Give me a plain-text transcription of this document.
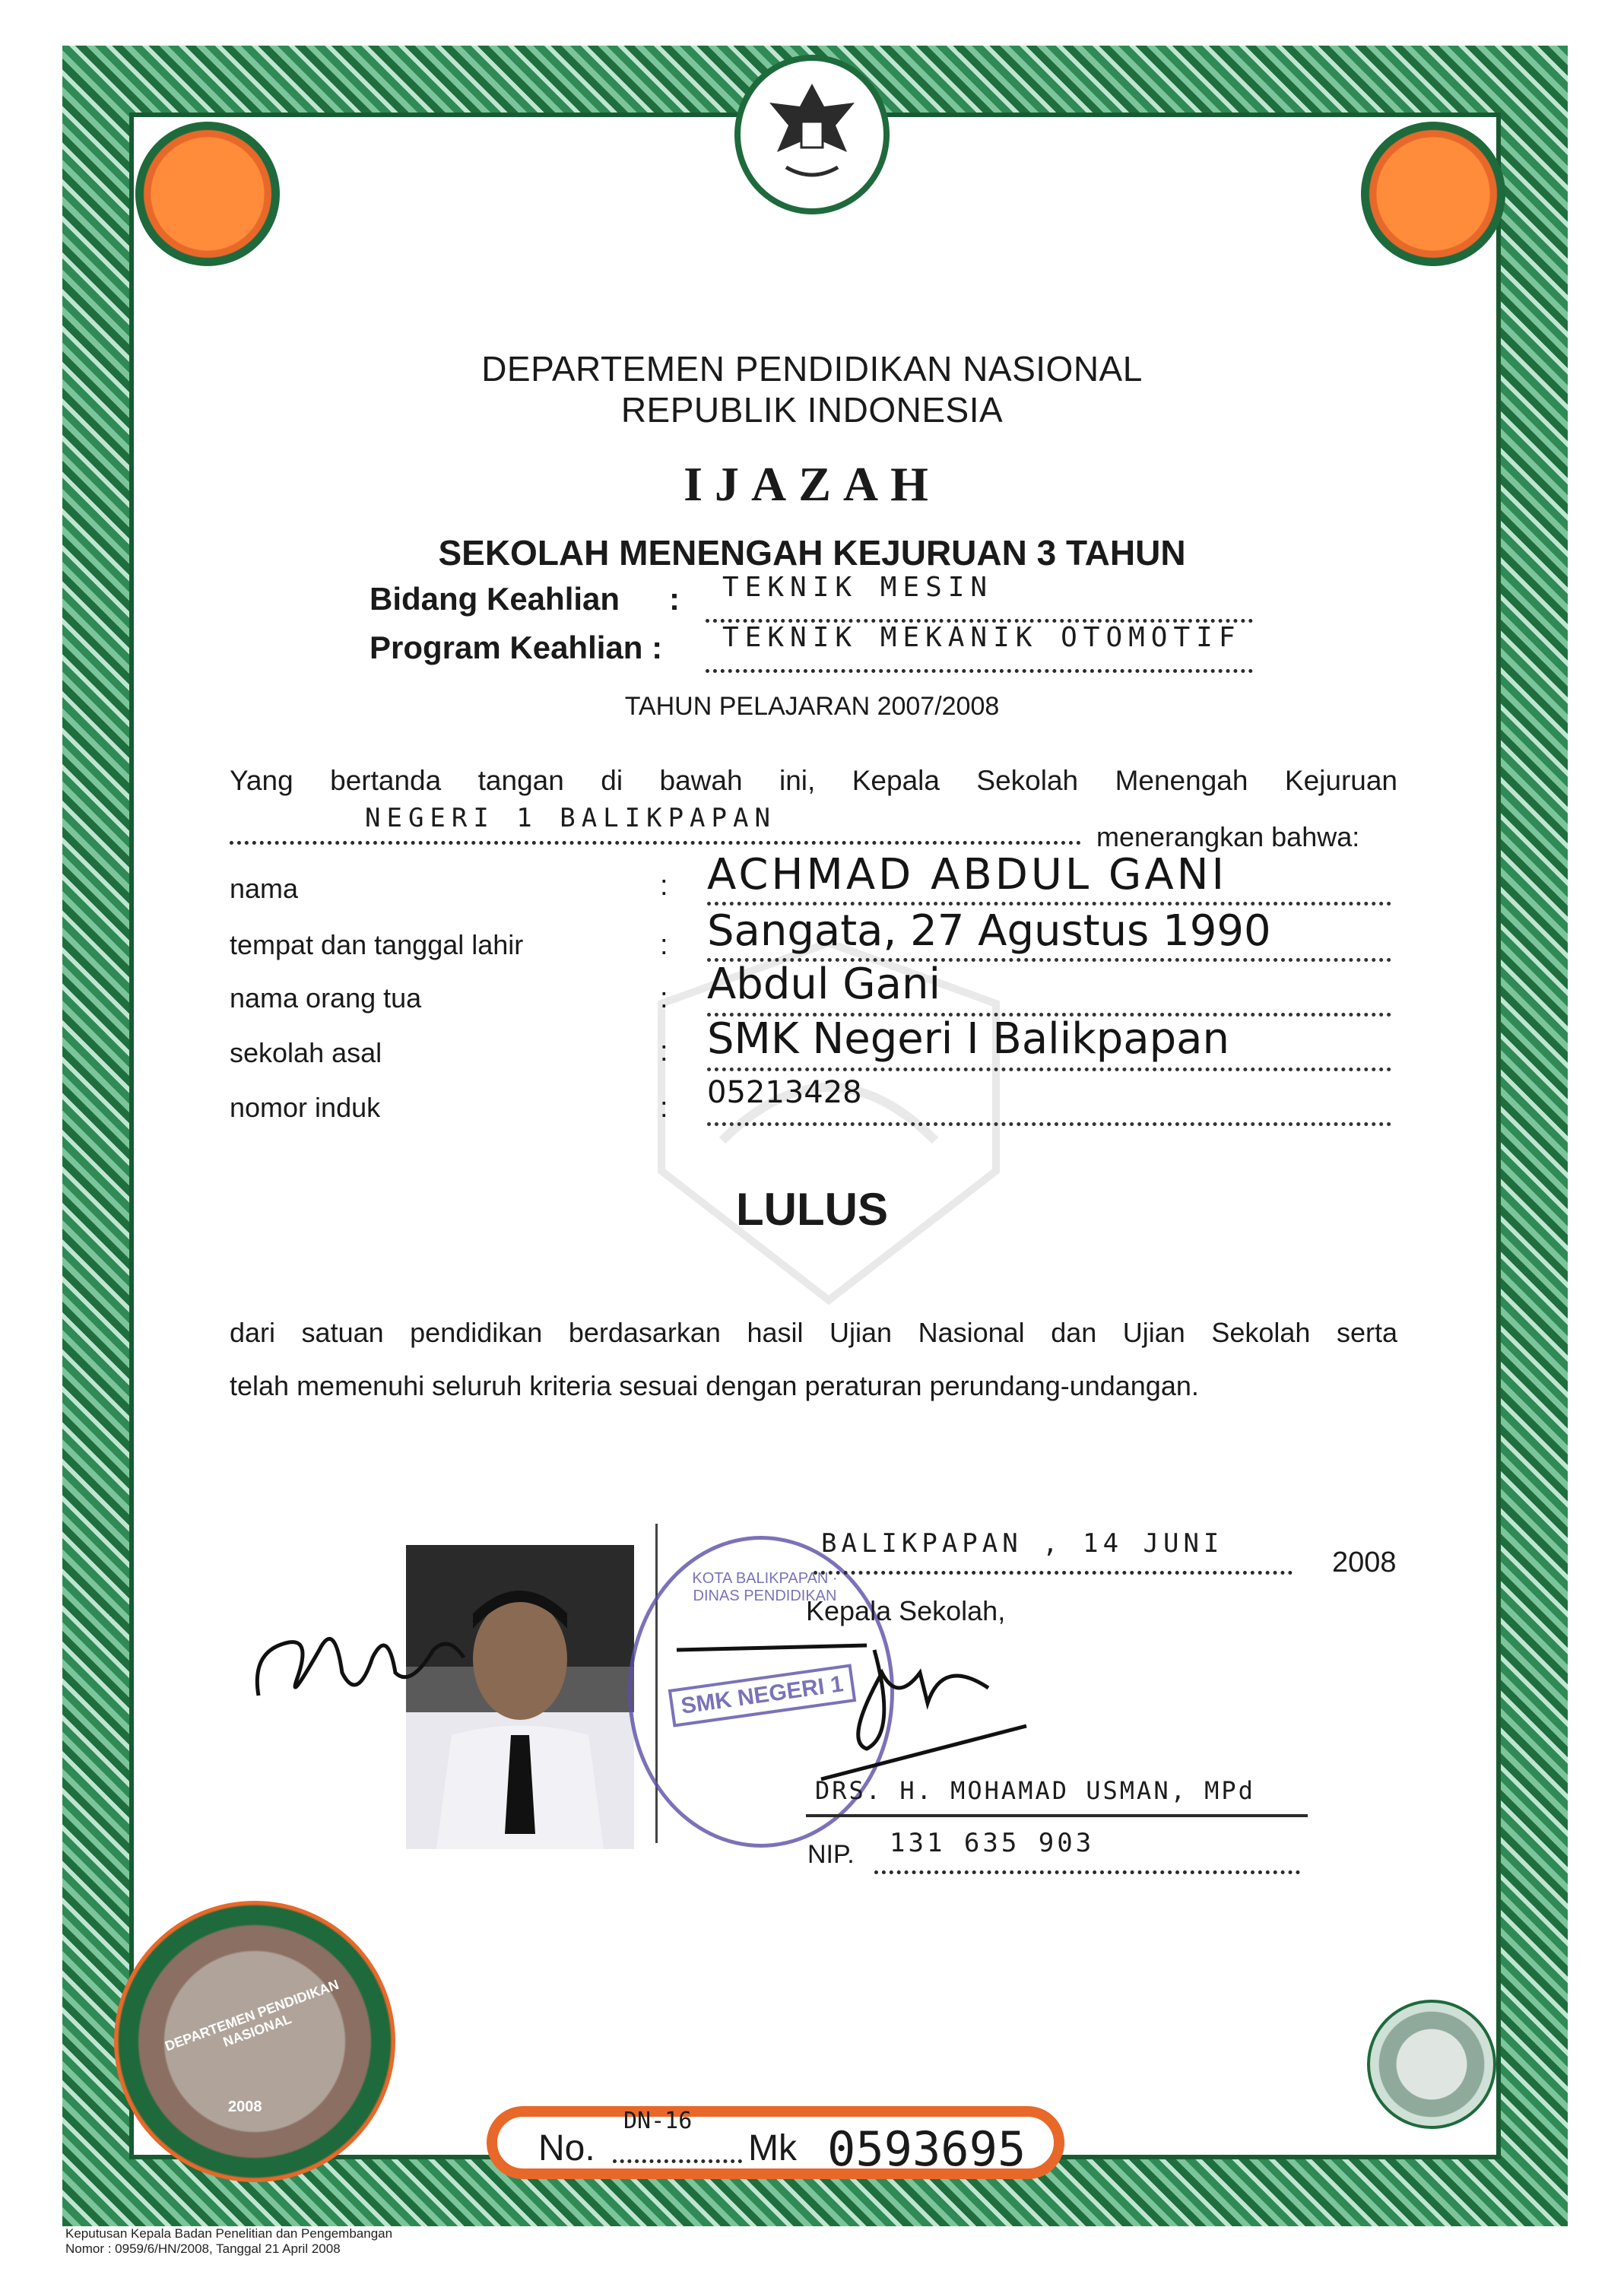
DEPARTEMEN PENDIDIKAN NASIONAL
REPUBLIK INDONESIA
IJAZAH
SEKOLAH MENENGAH KEJURUAN 3 TAHUN
Bidang Keahlian : TEKNIK MESIN
Program Keahlian : TEKNIK MEKANIK OTOMOTIF
TAHUN PELAJARAN 2007/2008
Yang bertanda tangan di bawah ini, Kepala Sekolah Menengah Kejuruan
NEGERI 1 BALIKPAPAN
menerangkan bahwa:
nama	: ACHMAD ABDUL GANI
tempat dan tanggal lahir	: Sangata, 27 Agustus 1990
nama orang tua	: Abdul Gani
sekolah asal	: SMK Negeri I Balikpapan
nomor induk	: 05213428
LULUS
dari satuan pendidikan berdasarkan hasil Ujian Nasional dan Ujian Sekolah serta
telah memenuhi seluruh kriteria sesuai dengan peraturan perundang-undangan.
SMK NEGERI 1
KOTA BALIKPAPAN · DINAS PENDIDIKAN
BALIKPAPAN , 14 JUNI
2008
Kepala Sekolah,
DRS. H. MOHAMAD USMAN, MPd
NIP. 131 635 903
DEPARTEMEN PENDIDIKAN NASIONAL
2008
No.
DN-16
Mk 0593695
Keputusan Kepala Badan Penelitian dan Pengembangan
Nomor : 0959/6/HN/2008, Tanggal 21 April 2008
